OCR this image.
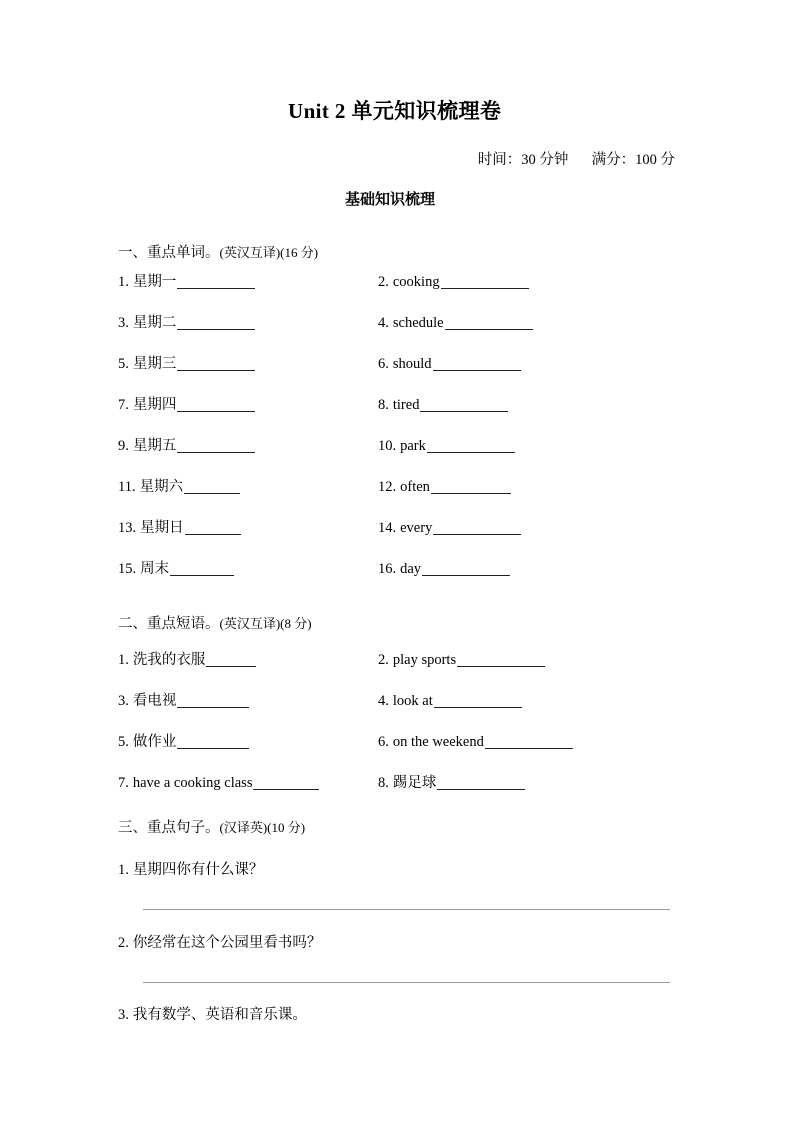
Unit 2 单元知识梳理卷
时间：30 分钟 满分：100 分
基础知识梳理
一、重点单词。(英汉互译)(16 分)
二、重点短语。(英汉互译)(8 分)
三、重点句子。(汉译英)(10 分)
1. 星期一	2. cooking
3. 星期二	4. schedule
5. 星期三	6. should
7. 星期四	8. tired
9. 星期五	10. park
11. 星期六	12. often
13. 星期日	14. every
15. 周末	16. day
1. 洗我的衣服	2. play sports
3. 看电视	4. look at
5. 做作业	6. on the weekend
7. have a cooking class	8. 踢足球
1. 星期四你有什么课？
2. 你经常在这个公园里看书吗？
3. 我有数学、英语和音乐课。
